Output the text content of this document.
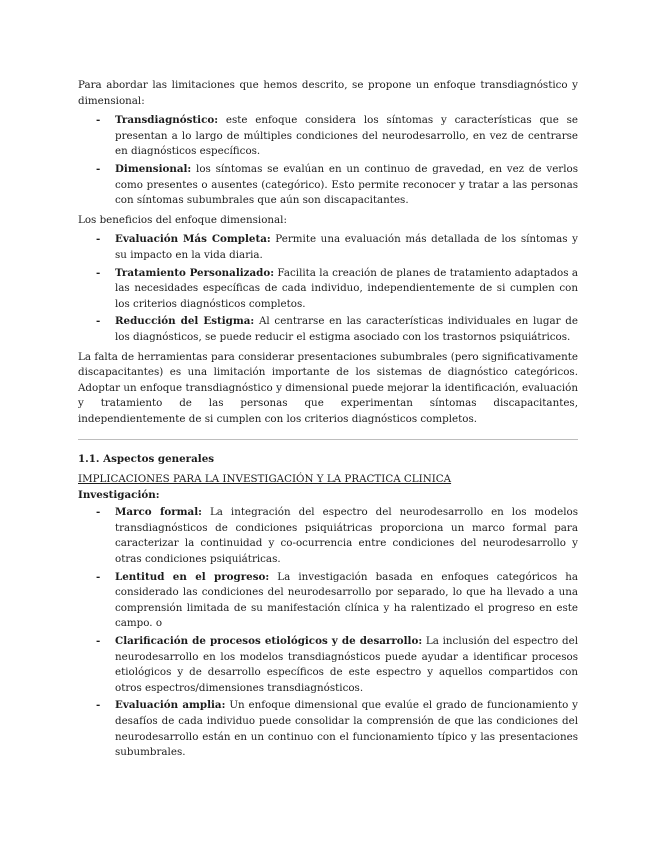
Para abordar las limitaciones que hemos descrito, se propone un enfoque transdiagnóstico y dimensional:

- Transdiagnóstico: este enfoque considera los síntomas y características que se presentan a lo largo de múltiples condiciones del neurodesarrollo, en vez de centrarse en diagnósticos específicos.
- Dimensional: los síntomas se evalúan en un continuo de gravedad, en vez de verlos como presentes o ausentes (categórico). Esto permite reconocer y tratar a las personas con síntomas subumbrales que aún son discapacitantes.

Los beneficios del enfoque dimensional:

- Evaluación Más Completa: Permite una evaluación más detallada de los síntomas y su impacto en la vida diaria.
- Tratamiento Personalizado: Facilita la creación de planes de tratamiento adaptados a las necesidades específicas de cada individuo, independientemente de si cumplen con los criterios diagnósticos completos.
- Reducción del Estigma: Al centrarse en las características individuales en lugar de los diagnósticos, se puede reducir el estigma asociado con los trastornos psiquiátricos.

La falta de herramientas para considerar presentaciones subumbrales (pero significativamente discapacitantes) es una limitación importante de los sistemas de diagnóstico categóricos. Adoptar un enfoque transdiagnóstico y dimensional puede mejorar la identificación, evaluación y tratamiento de las personas que experimentan síntomas discapacitantes, independientemente de si cumplen con los criterios diagnósticos completos.

1.1. Aspectos generales

IMPLICACIONES PARA LA INVESTIGACIÓN Y LA PRACTICA CLINICA

Investigación:

- Marco formal: La integración del espectro del neurodesarrollo en los modelos transdiagnósticos de condiciones psiquiátricas proporciona un marco formal para caracterizar la continuidad y co-ocurrencia entre condiciones del neurodesarrollo y otras condiciones psiquiátricas.
- Lentitud en el progreso: La investigación basada en enfoques categóricos ha considerado las condiciones del neurodesarrollo por separado, lo que ha llevado a una comprensión limitada de su manifestación clínica y ha ralentizado el progreso en este campo. o
- Clarificación de procesos etiológicos y de desarrollo: La inclusión del espectro del neurodesarrollo en los modelos transdiagnósticos puede ayudar a identificar procesos etiológicos y de desarrollo específicos de este espectro y aquellos compartidos con otros espectros/dimensiones transdiagnósticos.
- Evaluación amplia: Un enfoque dimensional que evalúe el grado de funcionamiento y desafíos de cada individuo puede consolidar la comprensión de que las condiciones del neurodesarrollo están en un continuo con el funcionamiento típico y las presentaciones subumbrales.
